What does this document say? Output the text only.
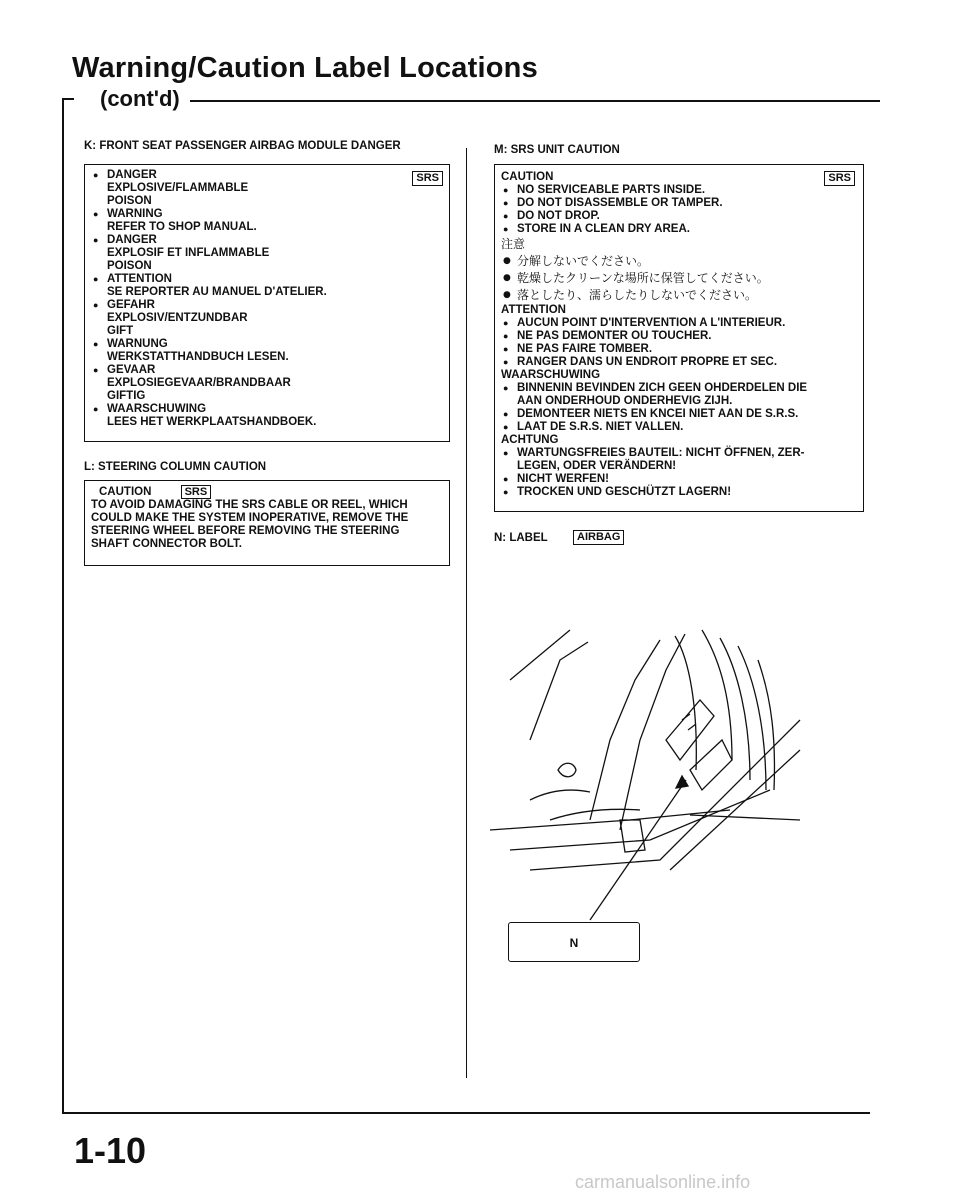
Warning/Caution Label Locations
(cont'd)
K: FRONT SEAT PASSENGER AIRBAG MODULE DANGER
SRS
● DANGER
EXPLOSIVE/FLAMMABLE
POISON
● WARNING
REFER TO SHOP MANUAL.
● DANGER
EXPLOSIF ET INFLAMMABLE
POISON
● ATTENTION
SE REPORTER AU MANUEL D'ATELIER.
● GEFAHR
EXPLOSIV/ENTZUNDBAR
GIFT
● WARNUNG
WERKSTATTHANDBUCH LESEN.
● GEVAAR
EXPLOSIEGEVAAR/BRANDBAAR
GIFTIG
● WAARSCHUWING
LEES HET WERKPLAATSHANDBOEK.
L: STEERING COLUMN CAUTION
CAUTION	SRS
TO AVOID DAMAGING THE SRS CABLE OR REEL, WHICH
COULD MAKE THE SYSTEM INOPERATIVE, REMOVE THE
STEERING WHEEL BEFORE REMOVING THE STEERING
SHAFT CONNECTOR BOLT.
M: SRS UNIT CAUTION
SRS
CAUTION
● NO SERVICEABLE PARTS INSIDE.
● DO NOT DISASSEMBLE OR TAMPER.
● DO NOT DROP.
● STORE IN A CLEAN DRY AREA.
注意
● 分解しないでください。
● 乾燥したクリーンな場所に保管してください。
● 落としたり、濡らしたりしないでください。
ATTENTION
● AUCUN POINT D'INTERVENTION A L'INTERIEUR.
● NE PAS DEMONTER OU TOUCHER.
● NE PAS FAIRE TOMBER.
● RANGER DANS UN ENDROIT PROPRE ET SEC.
WAARSCHUWING
● BINNENIN BEVINDEN ZICH GEEN OHDERDELEN DIE
AAN ONDERHOUD ONDERHEVIG ZIJH.
● DEMONTEER NIETS EN KNCEI NIET AAN DE S.R.S.
● LAAT DE S.R.S. NIET VALLEN.
ACHTUNG
● WARTUNGSFREIES BAUTEIL: NICHT ÖFFNEN, ZER-
LEGEN, ODER VERÄNDERN!
● NICHT WERFEN!
● TROCKEN UND GESCHÜTZT LAGERN!
N: LABEL	AIRBAG
N
1-10
carmanualsonline.info
